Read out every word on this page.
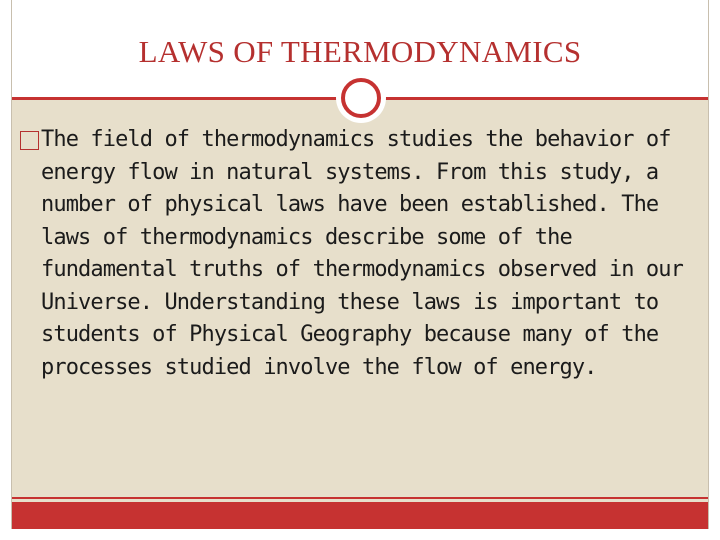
LAWS OF THERMODYNAMICS

The field of thermodynamics studies the behavior of energy flow in natural systems. From this study, a number of physical laws have been established. The laws of thermodynamics describe some of the fundamental truths of thermodynamics observed in our Universe. Understanding these laws is important to students of Physical Geography because many of the processes studied involve the flow of energy.
